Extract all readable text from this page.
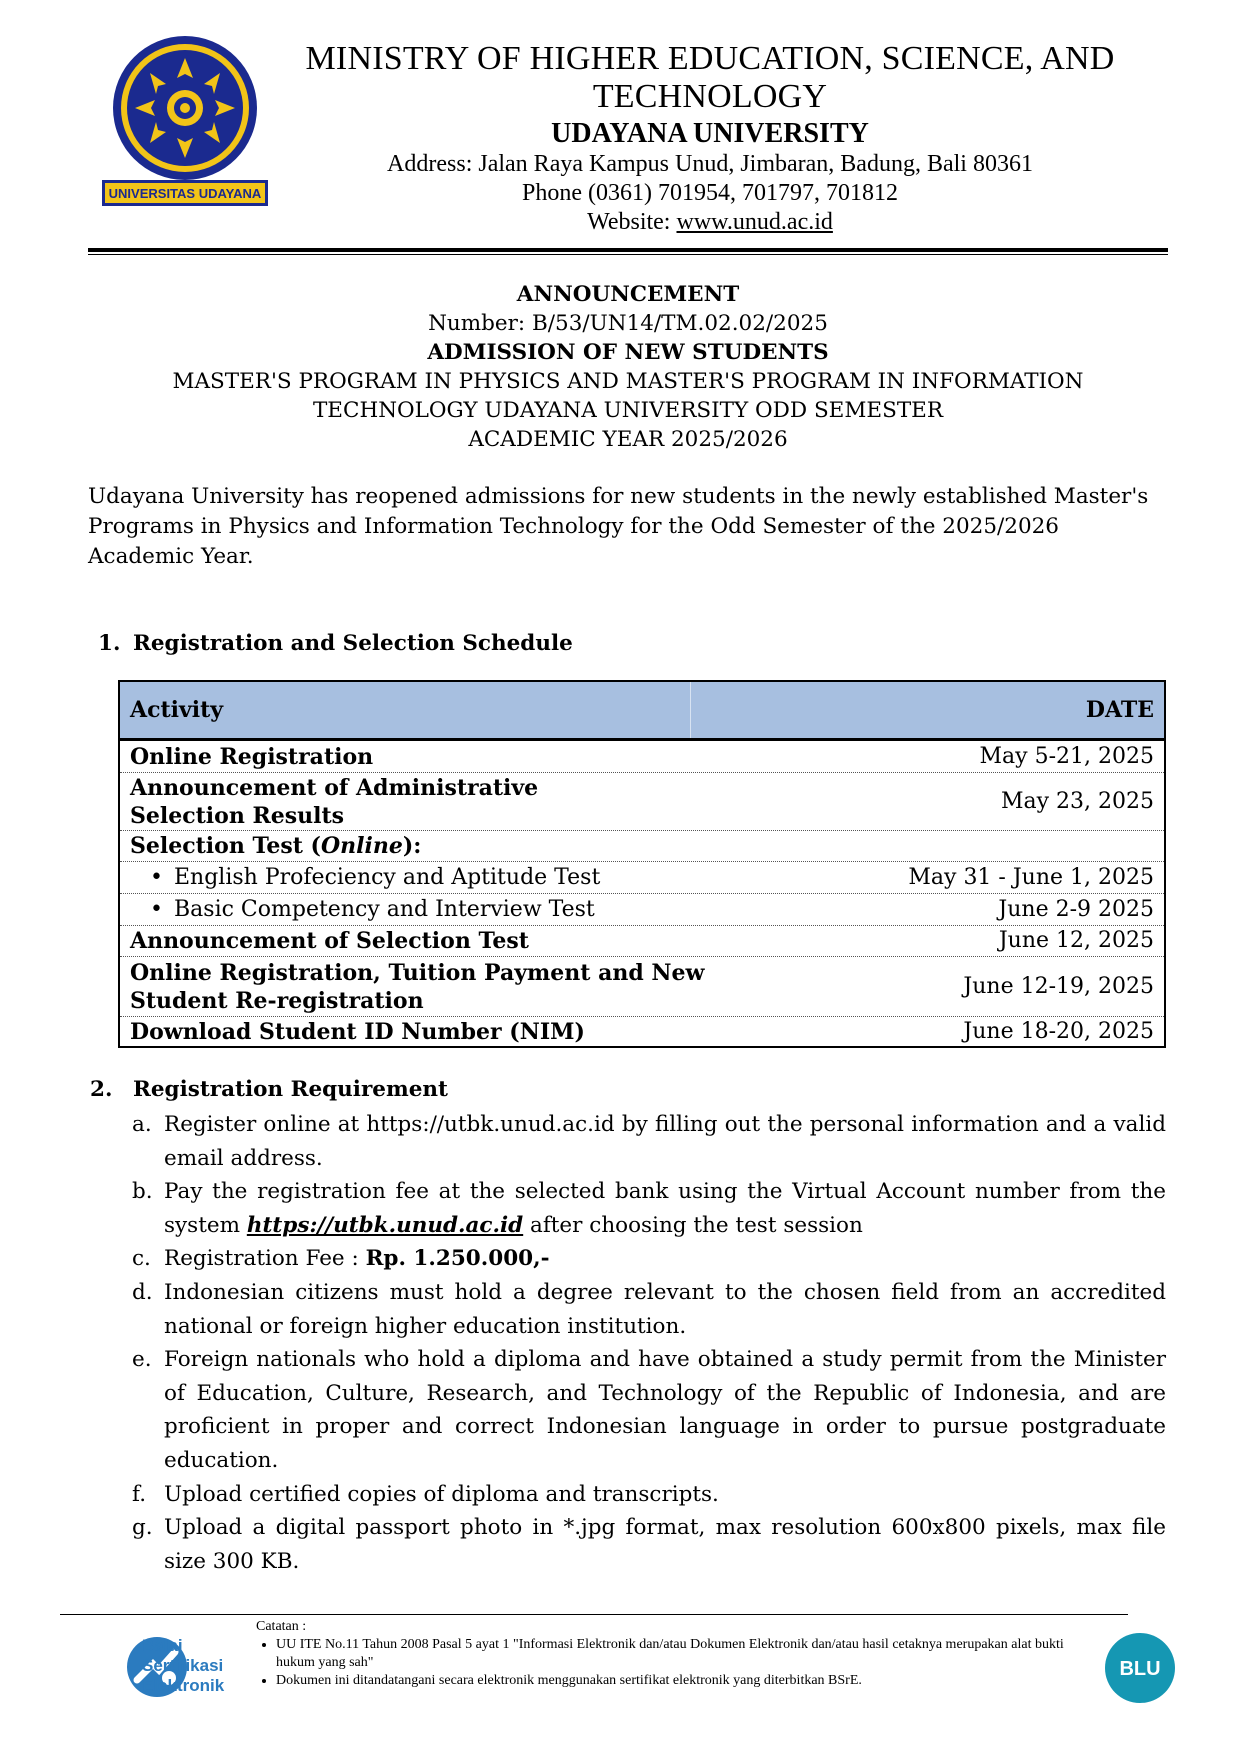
UNIVERSITAS UDAYANA
MINISTRY OF HIGHER EDUCATION, SCIENCE, AND TECHNOLOGY
UDAYANA UNIVERSITY
Address: Jalan Raya Kampus Unud, Jimbaran, Badung, Bali 80361
Phone (0361) 701954, 701797, 701812
Website: www.unud.ac.id
ANNOUNCEMENT
Number: B/53/UN14/TM.02.02/2025
ADMISSION OF NEW STUDENTS
MASTER'S PROGRAM IN PHYSICS AND MASTER'S PROGRAM IN INFORMATION
TECHNOLOGY UDAYANA UNIVERSITY ODD SEMESTER
ACADEMIC YEAR 2025/2026
Udayana University has reopened admissions for new students in the newly established Master's Programs in Physics and Information Technology for the Odd Semester of the 2025/2026 Academic Year.
1. Registration and Selection Schedule
Activity	DATE
Online Registration	May 5-21, 2025
Announcement of Administrative Selection Results
May 23, 2025
Selection Test ( Online ):
• English Profeciency and Aptitude Test	May 31 - June 1, 2025
• Basic Competency and Interview Test	June 2-9 2025
Announcement of Selection Test	June 12, 2025
Online Registration, Tuition Payment and New Student Re-registration
June 12-19, 2025
Download Student ID Number (NIM)	June 18-20, 2025
2. Registration Requirement
a. Register online at https://utbk.unud.ac.id by filling out the personal information and a valid email address.
b. Pay the registration fee at the selected bank using the Virtual Account number from the system https://utbk.unud.ac.id after choosing the test session
c. Registration Fee : Rp. 1.250.000,-
d. Indonesian citizens must hold a degree relevant to the chosen field from an accredited national or foreign higher education institution.
e. Foreign nationals who hold a diploma and have obtained a study permit from the Minister of Education, Culture, Research, and Technology of the Republic of Indonesia, and are proficient in proper and correct Indonesian language in order to pursue postgraduate education.
f. Upload certified copies of diploma and transcripts.
g. Upload a digital passport photo in *.jpg format, max resolution 600x800 pixels, max file size 300 KB.
Balai
Sertifikasi
Elektronik
Catatan :
• UU ITE No.11 Tahun 2008 Pasal 5 ayat 1 "Informasi Elektronik dan/atau Dokumen Elektronik dan/atau hasil cetaknya merupakan alat bukti hukum yang sah"
• Dokumen ini ditandatangani secara elektronik menggunakan sertifikat elektronik yang diterbitkan BSrE.
BLU
